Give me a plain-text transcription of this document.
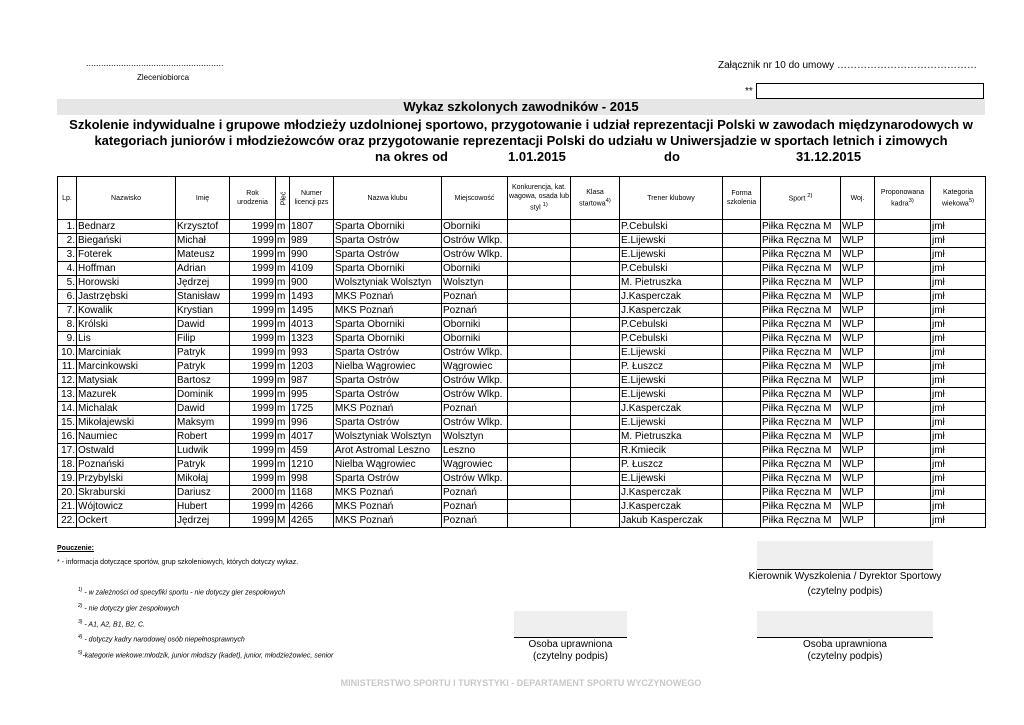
.......................................................
Zleceniobiorca
Załącznik nr 10 do umowy ……………………………………
**
Wykaz szkolonych zawodników - 2015
Szkolenie indywidualne i grupowe młodzieży uzdolnionej sportowo, przygotowanie i udział reprezentacji Polski w zawodach międzynarodowych w
kategoriach juniorów i młodzieżowców oraz przygotowanie reprezentacji Polski do udziału w Uniwersjadzie w sportach letnich i zimowych
na okres od	1.01.2015	do	31.12.2015
Lp.	Nazwisko	Imię	Rok urodzenia	Płeć	Numer licencji pzs	Nazwa klubu	Miejscowość	Konkurencja, kat. wagowa, osada lub styl $^{1)}$	Klasa startowa$^{4)}$	Trener klubowy	Forma szkolenia	Sport $^{2)}$	Woj.	Proponowana kadra$^{3)}$	Kategoria wiekowa$^{5)}$
1.	Bednarz	Krzysztof	1999	m	1807	Sparta Oborniki	Oborniki			P.Cebulski		Piłka Ręczna M	WLP		jmł
2.	Biegański	Michał	1999	m	989	Sparta Ostrów	Ostrów Wlkp.			E.Lijewski		Piłka Ręczna M	WLP		jmł
3.	Foterek	Mateusz	1999	m	990	Sparta Ostrów	Ostrów Wlkp.			E.Lijewski		Piłka Ręczna M	WLP		jmł
4.	Hoffman	Adrian	1999	m	4109	Sparta Oborniki	Oborniki			P.Cebulski		Piłka Ręczna M	WLP		jmł
5.	Horowski	Jędrzej	1999	m	900	Wolsztyniak Wolsztyn	Wolsztyn			M. Pietruszka		Piłka Ręczna M	WLP		jmł
6.	Jastrzębski	Stanisław	1999	m	1493	MKS Poznań	Poznań			J.Kasperczak		Piłka Ręczna M	WLP		jmł
7.	Kowalik	Krystian	1999	m	1495	MKS Poznań	Poznań			J.Kasperczak		Piłka Ręczna M	WLP		jmł
8.	Królski	Dawid	1999	m	4013	Sparta Oborniki	Oborniki			P.Cebulski		Piłka Ręczna M	WLP		jmł
9.	Lis	Filip	1999	m	1323	Sparta Oborniki	Oborniki			P.Cebulski		Piłka Ręczna M	WLP		jmł
10.	Marciniak	Patryk	1999	m	993	Sparta Ostrów	Ostrów Wlkp.			E.Lijewski		Piłka Ręczna M	WLP		jmł
11.	Marcinkowski	Patryk	1999	m	1203	Nielba Wągrowiec	Wągrowiec			P. Łuszcz		Piłka Ręczna M	WLP		jmł
12.	Matysiak	Bartosz	1999	m	987	Sparta Ostrów	Ostrów Wlkp.			E.Lijewski		Piłka Ręczna M	WLP		jmł
13.	Mazurek	Dominik	1999	m	995	Sparta Ostrów	Ostrów Wlkp.			E.Lijewski		Piłka Ręczna M	WLP		jmł
14.	Michalak	Dawid	1999	m	1725	MKS Poznań	Poznań			J.Kasperczak		Piłka Ręczna M	WLP		jmł
15.	Mikołajewski	Maksym	1999	m	996	Sparta Ostrów	Ostrów Wlkp.			E.Lijewski		Piłka Ręczna M	WLP		jmł
16.	Naumiec	Robert	1999	m	4017	Wolsztyniak Wolsztyn	Wolsztyn			M. Pietruszka		Piłka Ręczna M	WLP		jmł
17.	Ostwald	Ludwik	1999	m	459	Arot Astromal Leszno	Leszno			R.Kmiecik		Piłka Ręczna M	WLP		jmł
18.	Poznański	Patryk	1999	m	1210	Nielba Wągrowiec	Wągrowiec			P. Łuszcz		Piłka Ręczna M	WLP		jmł
19.	Przybylski	Mikołaj	1999	m	998	Sparta Ostrów	Ostrów Wlkp.			E.Lijewski		Piłka Ręczna M	WLP		jmł
20.	Skraburski	Dariusz	2000	m	1168	MKS Poznań	Poznań			J.Kasperczak		Piłka Ręczna M	WLP		jmł
21.	Wójtowicz	Hubert	1999	m	4266	MKS Poznań	Poznań			J.Kasperczak		Piłka Ręczna M	WLP		jmł
22.	Ockert	Jędrzej	1999	M	4265	MKS Poznań	Poznań			Jakub Kasperczak		Piłka Ręczna M	WLP		jmł
Pouczenie:
* - informacja dotyczące sportów, grup szkoleniowych, których dotyczy wykaz.
$^{1)}$ - w zależności od specyfiki sportu - nie dotyczy gier zespołowych
$^{2)}$ - nie dotyczy gier zespołowych
$^{3)}$ - A1, A2, B1, B2, C.
$^{4)}$ - dotyczy kadry narodowej osób niepełnosprawnych
$^{5)}$-kategorie wiekowe:młodzik, junior młodszy (kadet), junior, młodzieżowiec, senior
Kierownik Wyszkolenia / Dyrektor Sportowy
(czytelny podpis)
Osoba uprawniona
(czytelny podpis)
Osoba uprawniona
(czytelny podpis)
MINISTERSTWO SPORTU I TURYSTYKI - DEPARTAMENT SPORTU WYCZYNOWEGO
